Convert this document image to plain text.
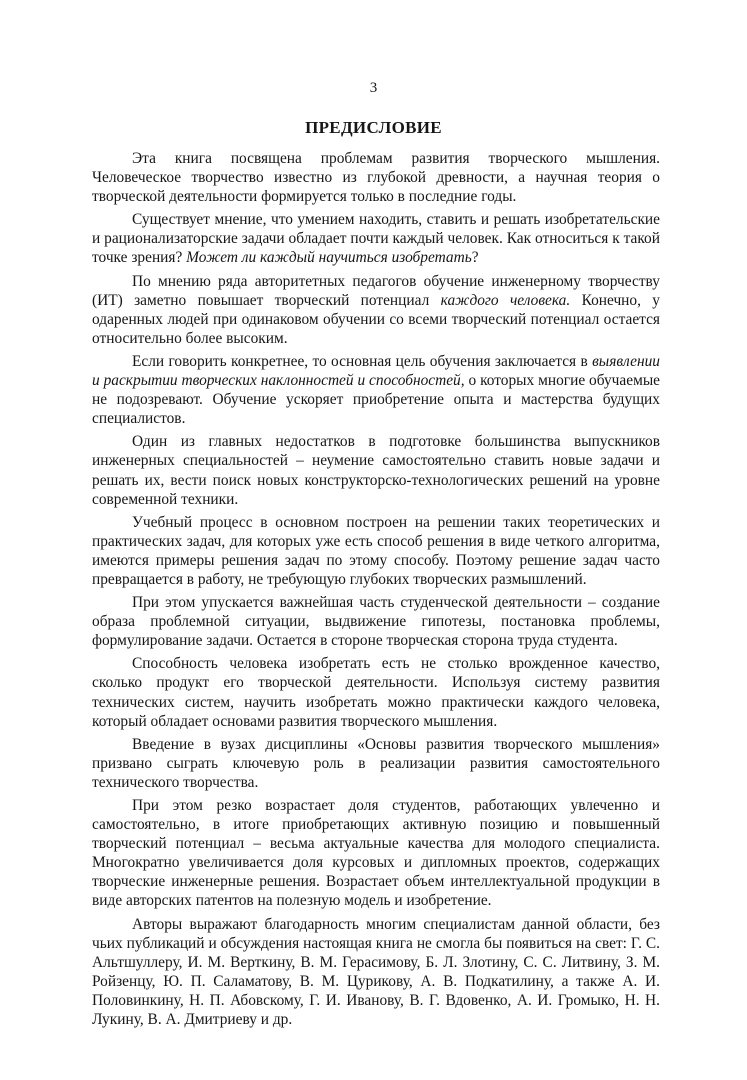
3
ПРЕДИСЛОВИЕ

Эта книга посвящена проблемам развития творческого мышления. Человеческое творчество известно из глубокой древности, а научная теория о творческой деятельности формируется только в последние годы.

Существует мнение, что умением находить, ставить и решать изобретательские и рационализаторские задачи обладает почти каждый человек. Как относиться к такой точке зрения? Может ли каждый научиться изобретать?

По мнению ряда авторитетных педагогов обучение инженерному творчеству (ИТ) заметно повышает творческий потенциал каждого человека. Конечно, у одаренных людей при одинаковом обучении со всеми творческий потенциал остается относительно более высоким.

Если говорить конкретнее, то основная цель обучения заключается в выявлении и раскрытии творческих наклонностей и способностей, о которых многие обучаемые не подозревают. Обучение ускоряет приобретение опыта и мастерства будущих специалистов.

Один из главных недостатков в подготовке большинства выпускников инженерных специальностей – неумение самостоятельно ставить новые задачи и решать их, вести поиск новых конструкторско-технологических решений на уровне современной техники.

Учебный процесс в основном построен на решении таких теоретических и практических задач, для которых уже есть способ решения в виде четкого алгоритма, имеются примеры решения задач по этому способу. Поэтому решение задач часто превращается в работу, не требующую глубоких творческих размышлений.

При этом упускается важнейшая часть студенческой деятельности – создание образа проблемной ситуации, выдвижение гипотезы, постановка проблемы, формулирование задачи. Остается в стороне творческая сторона труда студента.

Способность человека изобретать есть не столько врожденное качество, сколько продукт его творческой деятельности. Используя систему развития технических систем, научить изобретать можно практически каждого человека, который обладает основами развития творческого мышления.

Введение в вузах дисциплины «Основы развития творческого мышления» призвано сыграть ключевую роль в реализации развития самостоятельного технического творчества.

При этом резко возрастает доля студентов, работающих увлеченно и самостоятельно, в итоге приобретающих активную позицию и повышенный творческий потенциал – весьма актуальные качества для молодого специалиста. Многократно увеличивается доля курсовых и дипломных проектов, содержащих творческие инженерные решения. Возрастает объем интеллектуальной продукции в виде авторских патентов на полезную модель и изобретение.

Авторы выражают благодарность многим специалистам данной области, без чьих публикаций и обсуждения настоящая книга не смогла бы появиться на свет: Г. С. Альтшуллеру, И. М. Верткину, В. М. Герасимову, Б. Л. Злотину, С. С. Литвину, З. М. Ройзенцу, Ю. П. Саламатову, В. М. Цурикову, А. В. Подкатилину, а также А. И. Половинкину, Н. П. Абовскому, Г. И. Иванову, В. Г. Вдовенко, А. И. Громыко, Н. Н. Лукину, В. А. Дмитриеву и др.
